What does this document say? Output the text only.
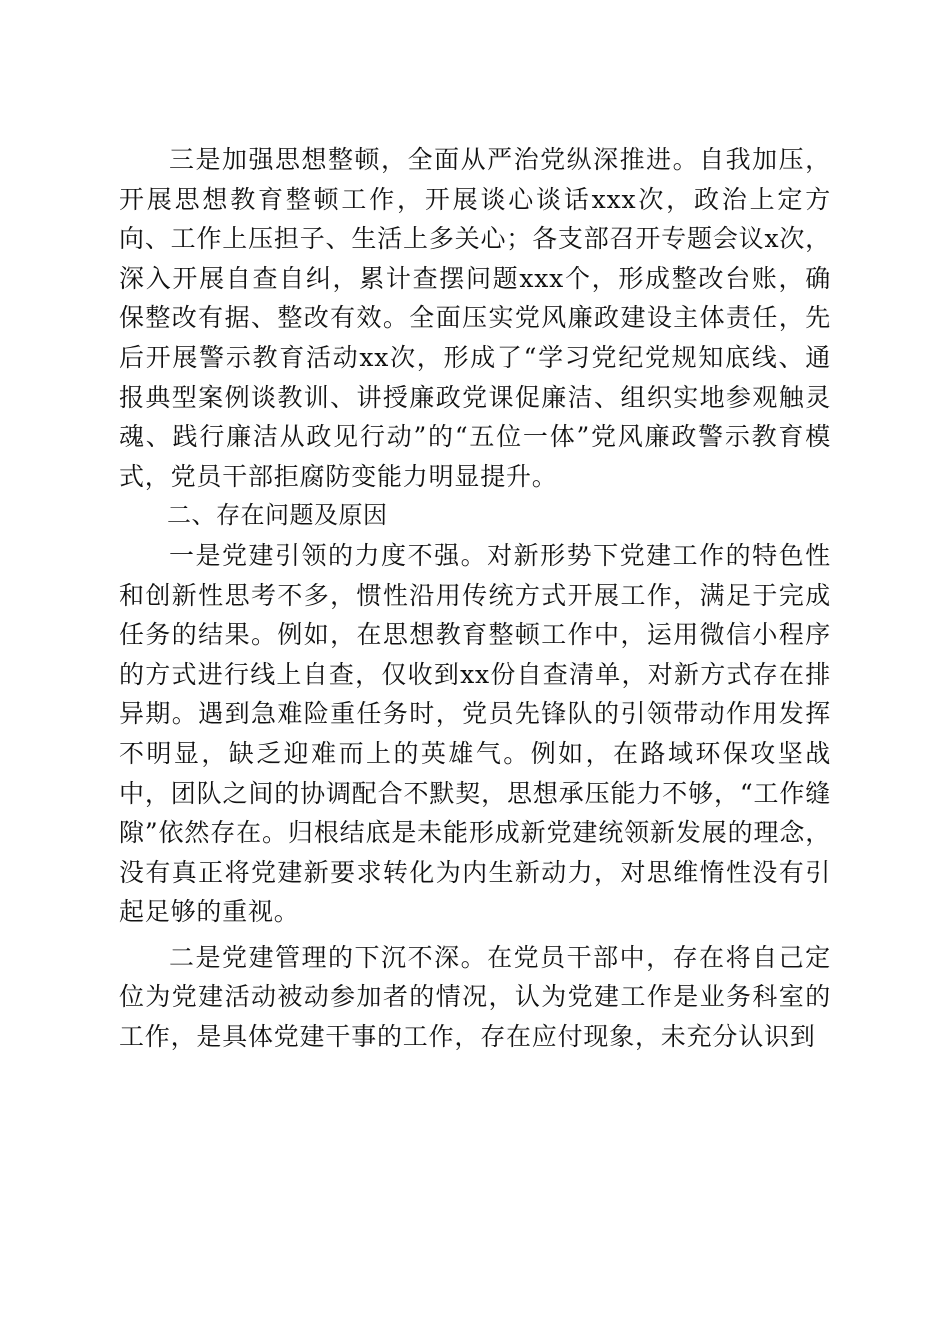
三是加强思想整顿，全面从严治党纵深推进。自我加压，开展思想教育整顿工作，开展谈心谈话xxx次，政治上定方向、工作上压担子、生活上多关心；各支部召开专题会议x次，深入开展自查自纠，累计查摆问题xxx个，形成整改台账，确保整改有据、整改有效。全面压实党风廉政建设主体责任，先后开展警示教育活动xx次，形成了“学习党纪党规知底线、通报典型案例谈教训、讲授廉政党课促廉洁、组织实地参观触灵魂、践行廉洁从政见行动”的“五位一体”党风廉政警示教育模式，党员干部拒腐防变能力明显提升。

二、存在问题及原因

一是党建引领的力度不强。对新形势下党建工作的特色性和创新性思考不多，惯性沿用传统方式开展工作，满足于完成任务的结果。例如，在思想教育整顿工作中，运用微信小程序的方式进行线上自查，仅收到xx份自查清单，对新方式存在排异期。遇到急难险重任务时，党员先锋队的引领带动作用发挥不明显，缺乏迎难而上的英雄气。例如，在路域环保攻坚战中，团队之间的协调配合不默契，思想承压能力不够，“工作缝隙”依然存在。归根结底是未能形成新党建统领新发展的理念，没有真正将党建新要求转化为内生新动力，对思维惰性没有引起足够的重视。

二是党建管理的下沉不深。在党员干部中，存在将自己定位为党建活动被动参加者的情况，认为党建工作是业务科室的工作，是具体党建干事的工作，存在应付现象，未充分认识到
